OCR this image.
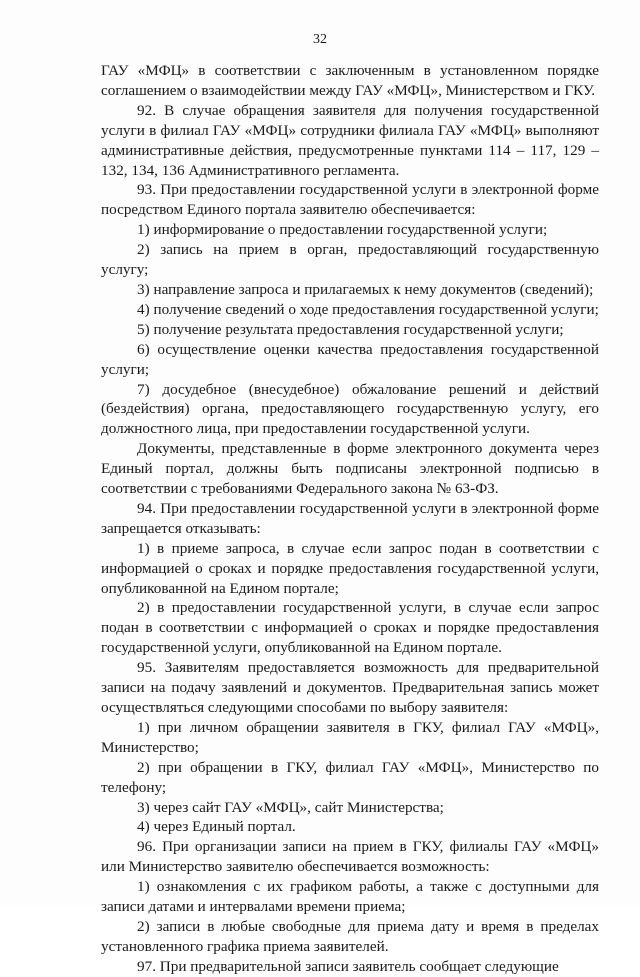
32

ГАУ «МФЦ» в соответствии с заключенным в установленном порядке соглашением о взаимодействии между ГАУ «МФЦ», Министерством и ГКУ.

92. В случае обращения заявителя для получения государственной услуги в филиал ГАУ «МФЦ» сотрудники филиала ГАУ «МФЦ» выполняют административные действия, предусмотренные пунктами 114 – 117, 129 – 132, 134, 136 Административного регламента.

93. При предоставлении государственной услуги в электронной форме посредством Единого портала заявителю обеспечивается:

1) информирование о предоставлении государственной услуги;

2) запись на прием в орган, предоставляющий государственную услугу;

3) направление запроса и прилагаемых к нему документов (сведений);

4) получение сведений о ходе предоставления государственной услуги;

5) получение результата предоставления государственной услуги;

6) осуществление оценки качества предоставления государственной услуги;

7) досудебное (внесудебное) обжалование решений и действий (бездействия) органа, предоставляющего государственную услугу, его должностного лица, при предоставлении государственной услуги.

Документы, представленные в форме электронного документа через Единый портал, должны быть подписаны электронной подписью в соответствии с требованиями Федерального закона № 63-ФЗ.

94. При предоставлении государственной услуги в электронной форме запрещается отказывать:

1) в приеме запроса, в случае если запрос подан в соответствии с информацией о сроках и порядке предоставления государственной услуги, опубликованной на Едином портале;

2) в предоставлении государственной услуги, в случае если запрос подан в соответствии с информацией о сроках и порядке предоставления государственной услуги, опубликованной на Едином портале.

95. Заявителям предоставляется возможность для предварительной записи на подачу заявлений и документов. Предварительная запись может осуществляться следующими способами по выбору заявителя:

1) при личном обращении заявителя в ГКУ, филиал ГАУ «МФЦ», Министерство;

2) при обращении в ГКУ, филиал ГАУ «МФЦ», Министерство по телефону;

3) через сайт ГАУ «МФЦ», сайт Министерства;

4) через Единый портал.

96. При организации записи на прием в ГКУ, филиалы ГАУ «МФЦ» или Министерство заявителю обеспечивается возможность:

1) ознакомления с их графиком работы, а также с доступными для записи датами и интервалами времени приема;

2) записи в любые свободные для приема дату и время в пределах установленного графика приема заявителей.

97. При предварительной записи заявитель сообщает следующие
